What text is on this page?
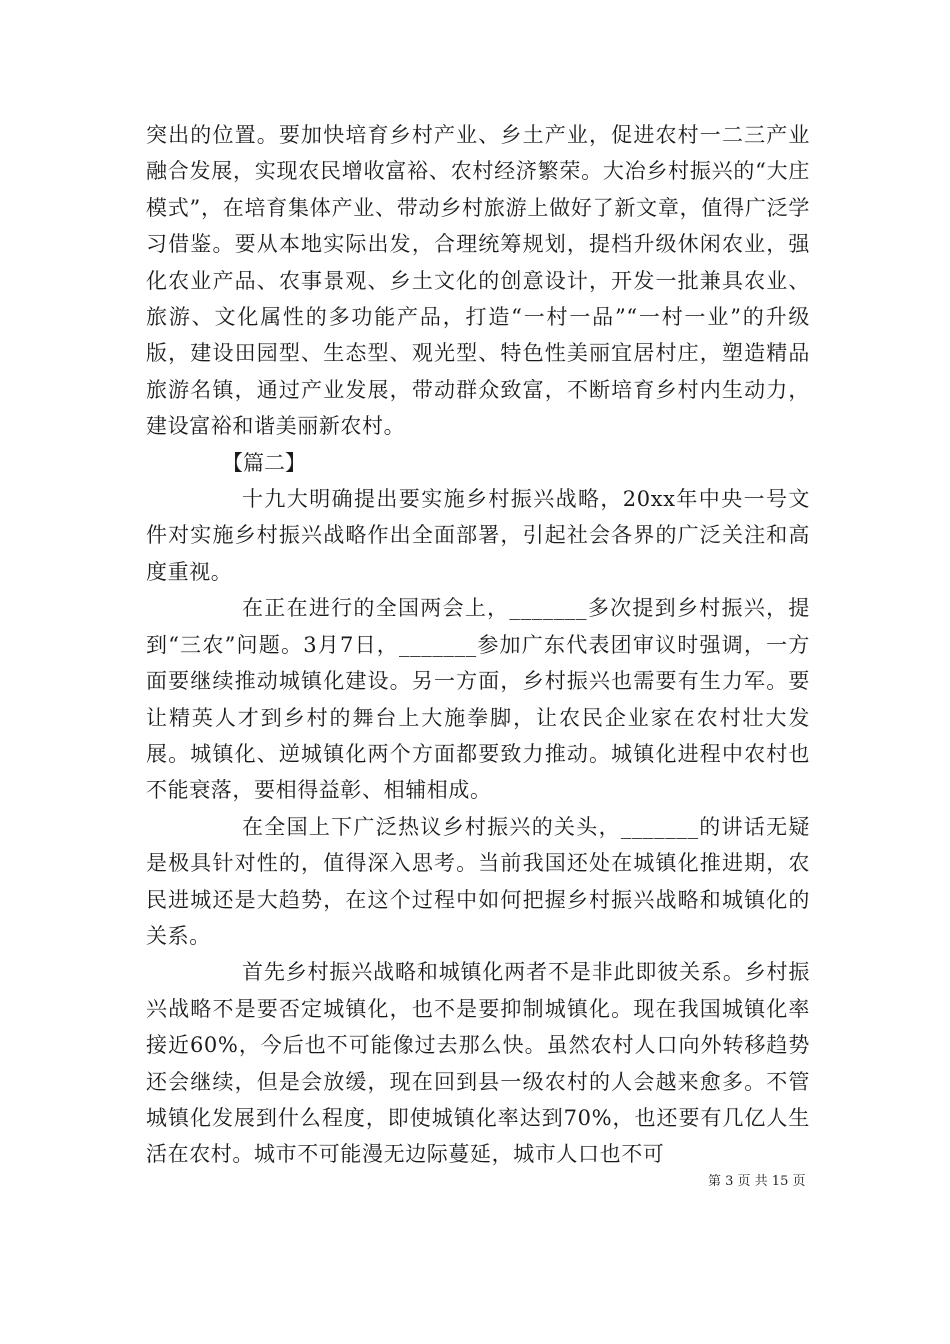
突出的位置。要加快培育乡村产业、乡土产业，促进农村一二三产业融合发展，实现农民增收富裕、农村经济繁荣。大冶乡村振兴的“大庄模式”，在培育集体产业、带动乡村旅游上做好了新文章，值得广泛学习借鉴。要从本地实际出发，合理统筹规划，提档升级休闲农业，强化农业产品、农事景观、乡土文化的创意设计，开发一批兼具农业、旅游、文化属性的多功能产品，打造“一村一品”“一村一业”的升级版，建设田园型、生态型、观光型、特色性美丽宜居村庄，塑造精品旅游名镇，通过产业发展，带动群众致富，不断培育乡村内生动力，建设富裕和谐美丽新农村。

【篇二】

十九大明确提出要实施乡村振兴战略，20xx年中央一号文件对实施乡村振兴战略作出全面部署，引起社会各界的广泛关注和高度重视。

在正在进行的全国两会上，_______多次提到乡村振兴，提到“三农”问题。3月7日，_______参加广东代表团审议时强调，一方面要继续推动城镇化建设。另一方面，乡村振兴也需要有生力军。要让精英人才到乡村的舞台上大施拳脚，让农民企业家在农村壮大发展。城镇化、逆城镇化两个方面都要致力推动。城镇化进程中农村也不能衰落，要相得益彰、相辅相成。

在全国上下广泛热议乡村振兴的关头，_______的讲话无疑是极具针对性的，值得深入思考。当前我国还处在城镇化推进期，农民进城还是大趋势，在这个过程中如何把握乡村振兴战略和城镇化的关系。

首先乡村振兴战略和城镇化两者不是非此即彼关系。乡村振兴战略不是要否定城镇化，也不是要抑制城镇化。现在我国城镇化率接近60%，今后也不可能像过去那么快。虽然农村人口向外转移趋势还会继续，但是会放缓，现在回到县一级农村的人会越来愈多。不管城镇化发展到什么程度，即使城镇化率达到70%，也还要有几亿人生活在农村。城市不可能漫无边际蔓延，城市人口也不可

第 3 页 共 15 页
